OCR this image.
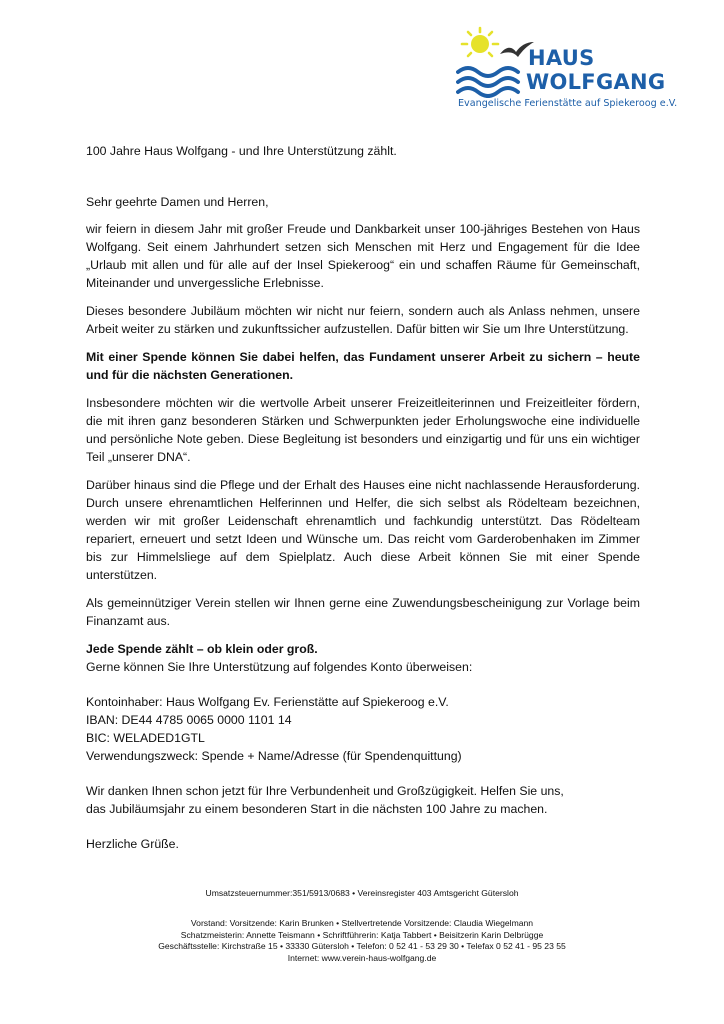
HAUS
WOLFGANG
Evangelische Ferienstätte auf Spiekeroog e.V.

100 Jahre Haus Wolfgang - und Ihre Unterstützung zählt.

Sehr geehrte Damen und Herren,

wir feiern in diesem Jahr mit großer Freude und Dankbarkeit unser 100-jähriges Bestehen von Haus Wolfgang. Seit einem Jahrhundert setzen sich Menschen mit Herz und Engagement für die Idee „Urlaub mit allen und für alle auf der Insel Spiekeroog“ ein und schaffen Räume für Gemeinschaft, Miteinander und unvergessliche Erlebnisse.

Dieses besondere Jubiläum möchten wir nicht nur feiern, sondern auch als Anlass nehmen, unsere Arbeit weiter zu stärken und zukunftssicher aufzustellen. Dafür bitten wir Sie um Ihre Unterstützung.

Mit einer Spende können Sie dabei helfen, das Fundament unserer Arbeit zu sichern – heute und für die nächsten Generationen.

Insbesondere möchten wir die wertvolle Arbeit unserer Freizeitleiterinnen und Freizeitleiter fördern, die mit ihren ganz besonderen Stärken und Schwerpunkten jeder Erholungswoche eine individuelle und persönliche Note geben. Diese Begleitung ist besonders und einzigartig und für uns ein wichtiger Teil „unserer DNA“.

Darüber hinaus sind die Pflege und der Erhalt des Hauses eine nicht nachlassende Herausforderung. Durch unsere ehrenamtlichen Helferinnen und Helfer, die sich selbst als Rödelteam bezeichnen, werden wir mit großer Leidenschaft ehrenamtlich und fachkundig unterstützt. Das Rödelteam repariert, erneuert und setzt Ideen und Wünsche um. Das reicht vom Garderobenhaken im Zimmer bis zur Himmelsliege auf dem Spielplatz. Auch diese Arbeit können Sie mit einer Spende unterstützen.

Als gemeinnütziger Verein stellen wir Ihnen gerne eine Zuwendungsbescheinigung zur Vorlage beim Finanzamt aus.

Jede Spende zählt – ob klein oder groß.
Gerne können Sie Ihre Unterstützung auf folgendes Konto überweisen:

Kontoinhaber: Haus Wolfgang Ev. Ferienstätte auf Spiekeroog e.V.
IBAN: DE44 4785 0065 0000 1101 14
BIC: WELADED1GTL
Verwendungszweck: Spende + Name/Adresse (für Spendenquittung)

Wir danken Ihnen schon jetzt für Ihre Verbundenheit und Großzügigkeit. Helfen Sie uns,
das Jubiläumsjahr zu einem besonderen Start in die nächsten 100 Jahre zu machen.

Herzliche Grüße.

Umsatzsteuernummer:351/5913/0683 • Vereinsregister 403 Amtsgericht Gütersloh
Vorstand: Vorsitzende: Karin Brunken • Stellvertretende Vorsitzende: Claudia Wiegelmann
Schatzmeisterin: Annette Teismann • Schriftführerin: Katja Tabbert • Beisitzerin Karin Delbrügge
Geschäftsstelle: Kirchstraße 15 • 33330 Gütersloh • Telefon: 0 52 41 - 53 29 30 • Telefax 0 52 41 - 95 23 55
Internet: www.verein-haus-wolfgang.de
